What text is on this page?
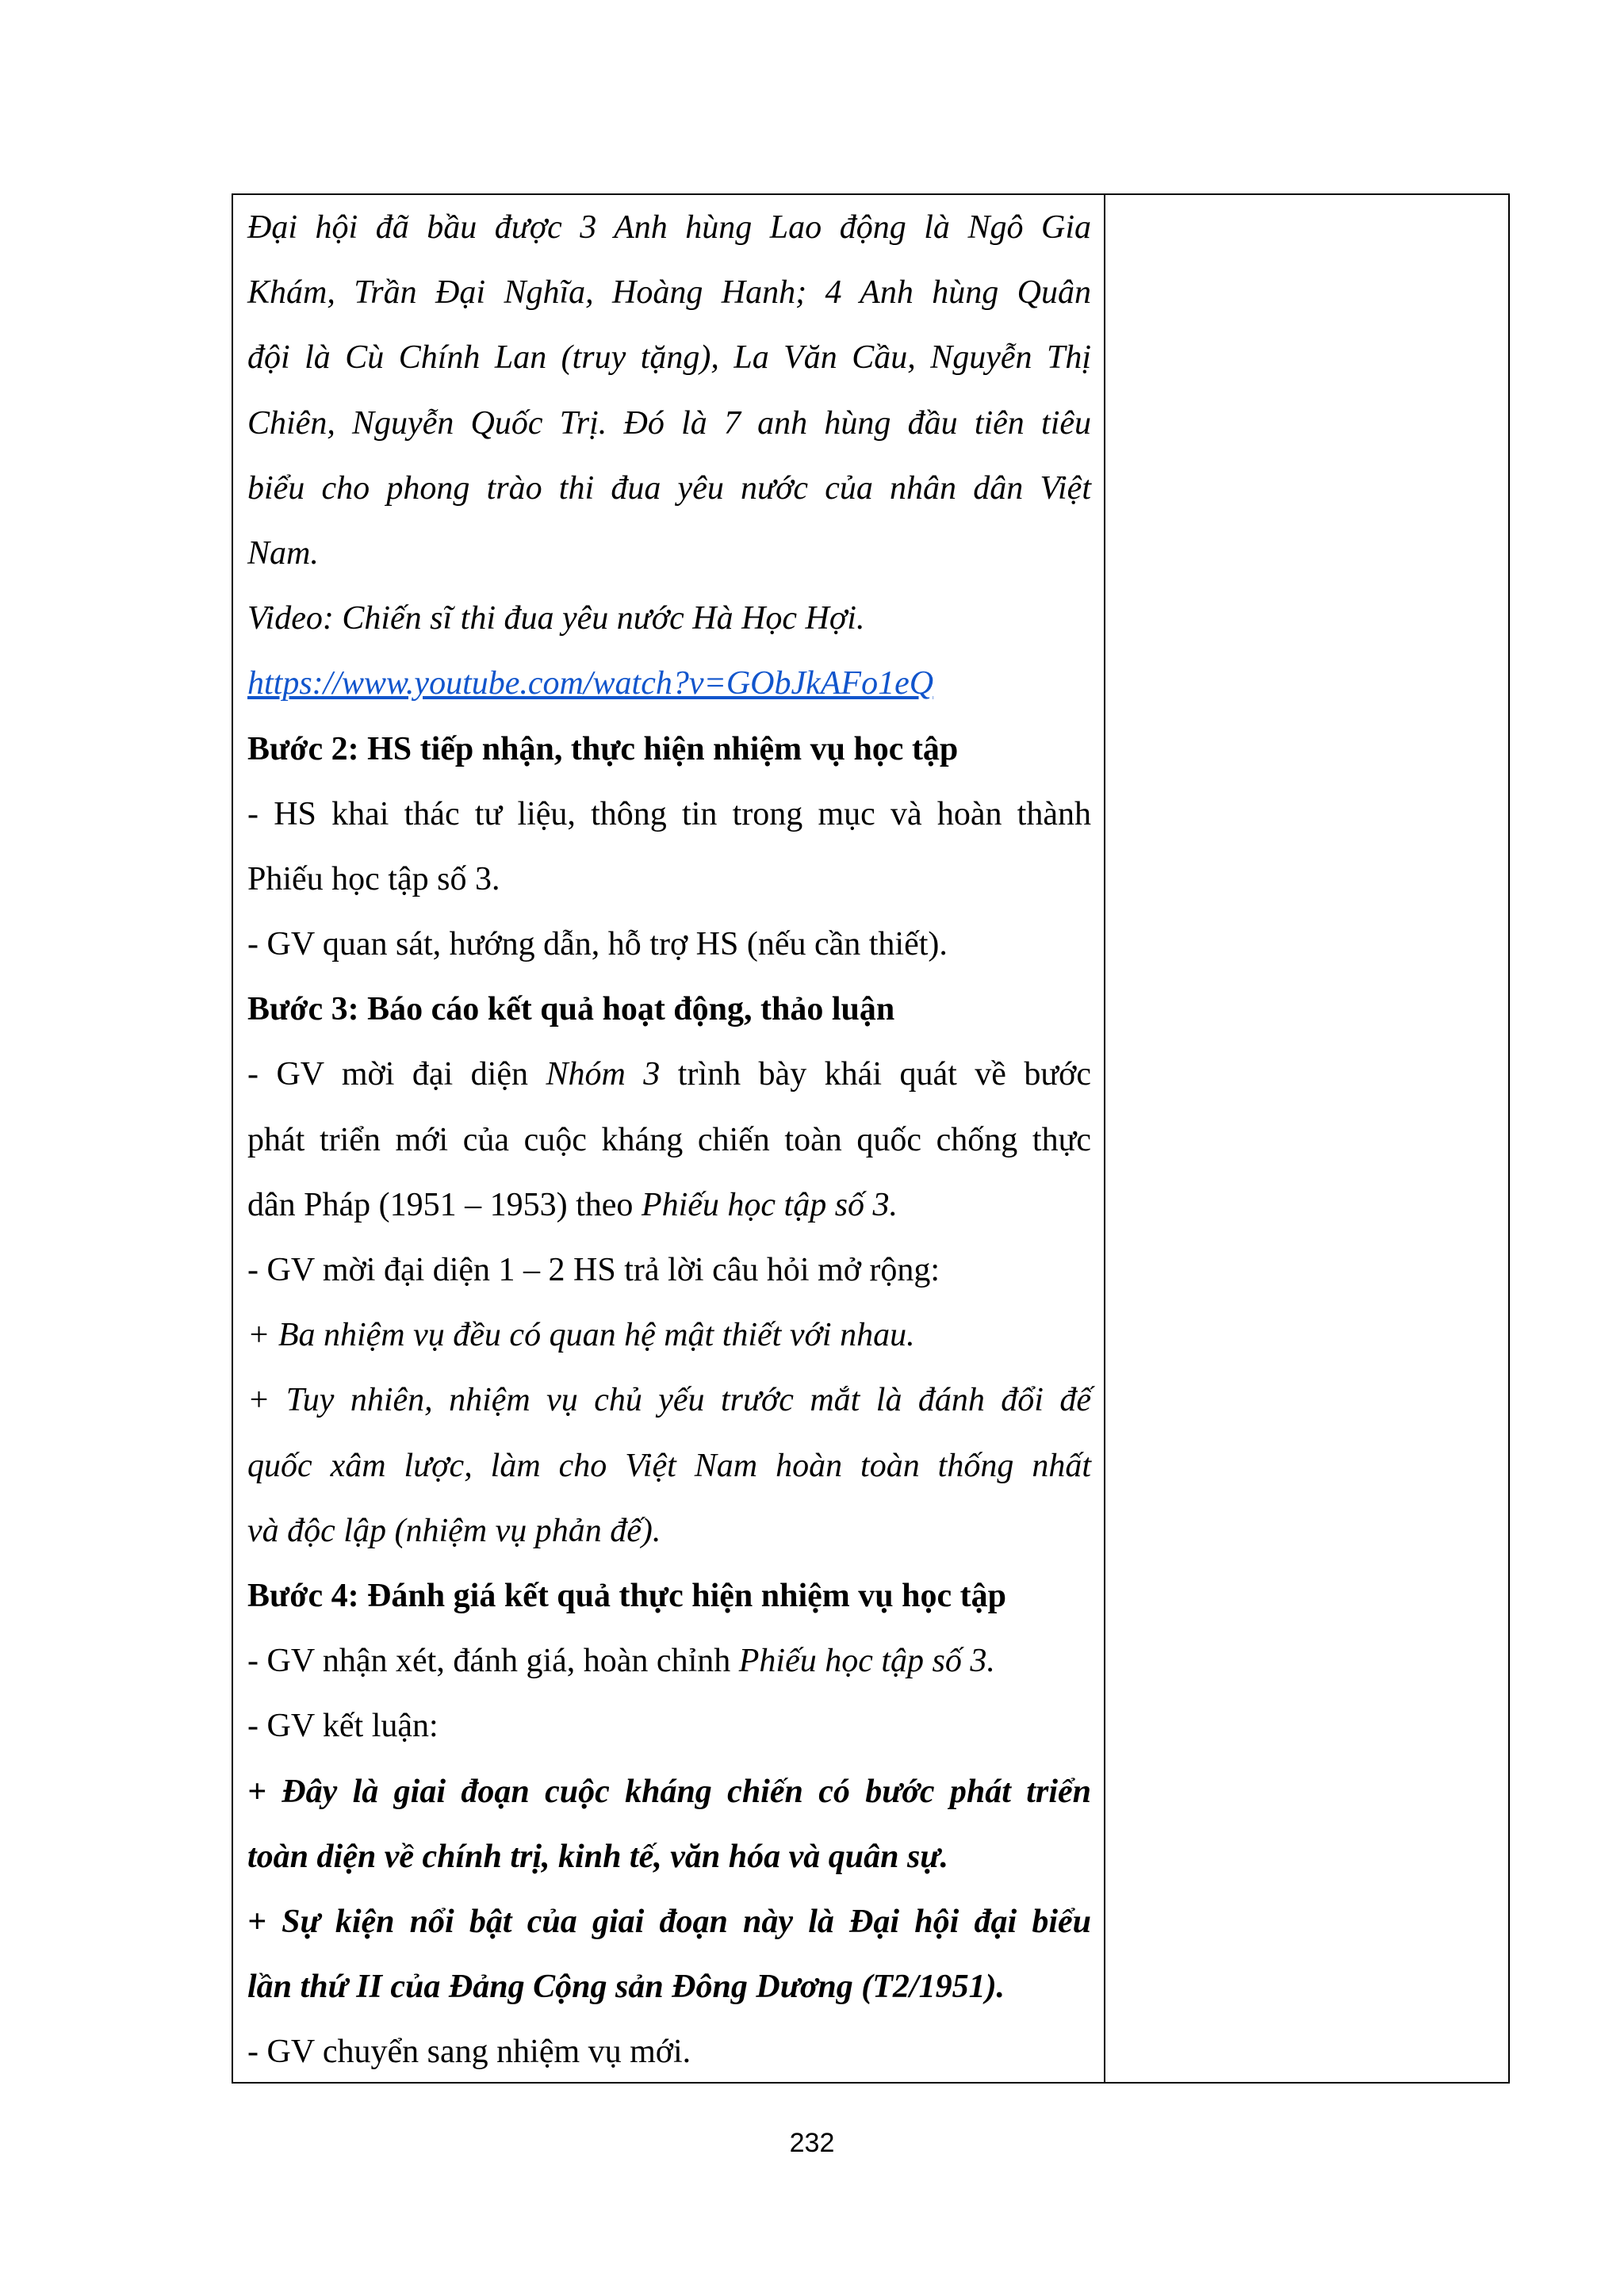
Đại hội đã bầu được 3 Anh hùng Lao động là Ngô Gia
Khám, Trần Đại Nghĩa, Hoàng Hanh; 4 Anh hùng Quân
đội là Cù Chính Lan (truy tặng), La Văn Cầu, Nguyễn Thị
Chiên, Nguyễn Quốc Trị. Đó là 7 anh hùng đầu tiên tiêu
biểu cho phong trào thi đua yêu nước của nhân dân Việt
Nam.
Video: Chiến sĩ thi đua yêu nước Hà Học Hợi.
https://www.youtube.com/watch?v=GObJkAFo1eQ
Bước 2: HS tiếp nhận, thực hiện nhiệm vụ học tập
- HS khai thác tư liệu, thông tin trong mục và hoàn thành
Phiếu học tập số 3.
- GV quan sát, hướng dẫn, hỗ trợ HS (nếu cần thiết).
Bước 3: Báo cáo kết quả hoạt động, thảo luận
- GV mời đại diện Nhóm 3 trình bày khái quát về bước
phát triển mới của cuộc kháng chiến toàn quốc chống thực
dân Pháp (1951 – 1953) theo Phiếu học tập số 3.
- GV mời đại diện 1 – 2 HS trả lời câu hỏi mở rộng:
+ Ba nhiệm vụ đều có quan hệ mật thiết với nhau.
+ Tuy nhiên, nhiệm vụ chủ yếu trước mắt là đánh đổi đế
quốc xâm lược, làm cho Việt Nam hoàn toàn thống nhất
và độc lập (nhiệm vụ phản đế).
Bước 4: Đánh giá kết quả thực hiện nhiệm vụ học tập
- GV nhận xét, đánh giá, hoàn chỉnh Phiếu học tập số 3.
- GV kết luận:
+ Đây là giai đoạn cuộc kháng chiến có bước phát triển
toàn diện về chính trị, kinh tế, văn hóa và quân sự.
+ Sự kiện nổi bật của giai đoạn này là Đại hội đại biểu
lần thứ II của Đảng Cộng sản Đông Dương (T2/1951).
- GV chuyển sang nhiệm vụ mới.
232
